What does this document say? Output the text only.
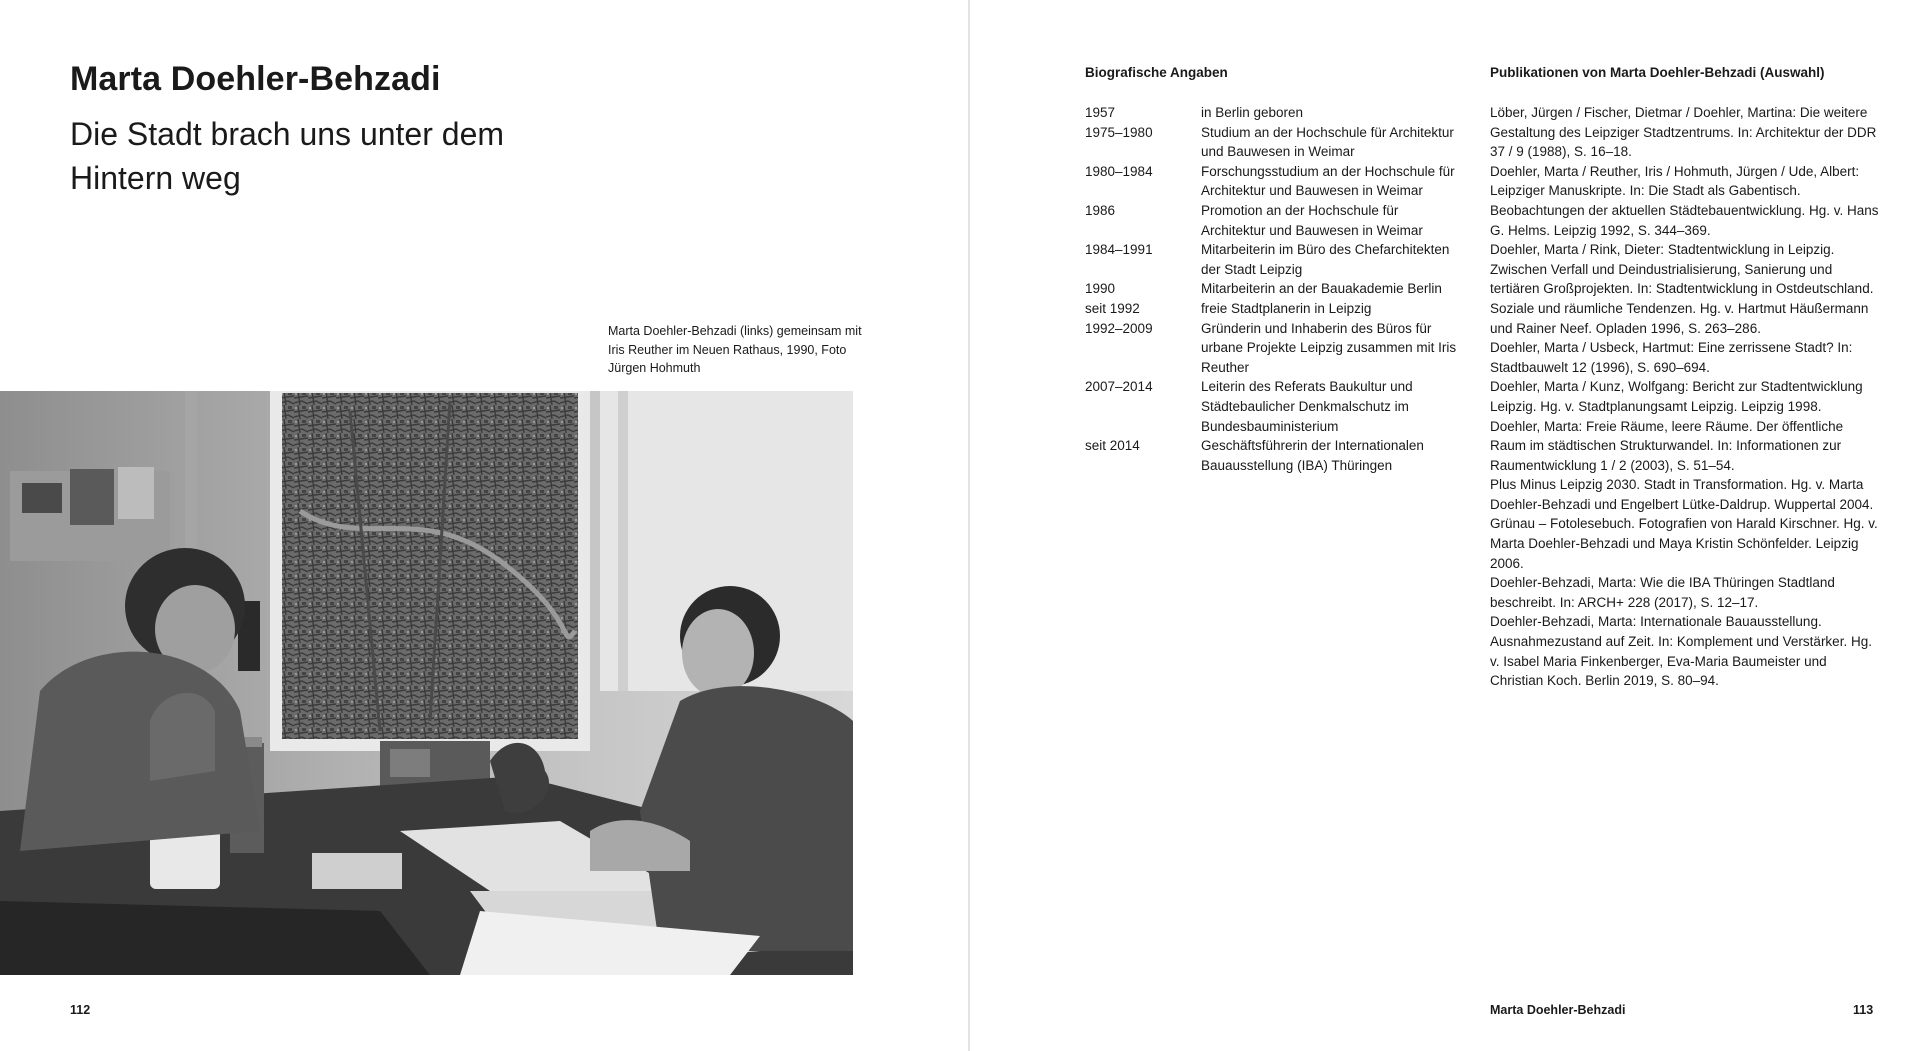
Marta Doehler-Behzadi
Die Stadt brach uns unter dem Hintern weg

Marta Doehler-Behzadi (links) gemeinsam mit Iris Reuther im Neuen Rathaus, 1990, Foto Jürgen Hohmuth

112
Biografische Angaben
1957	in Berlin geboren
1975–1980	Studium an der Hochschule für Architektur und Bauwesen in Weimar
1980–1984	Forschungsstudium an der Hochschule für Architektur und Bauwesen in Weimar
1986	Promotion an der Hochschule für Architektur und Bauwesen in Weimar
1984–1991	Mitarbeiterin im Büro des Chefarchitekten der Stadt Leipzig
1990	Mitarbeiterin an der Bauakademie Berlin
seit 1992	freie Stadtplanerin in Leipzig
1992–2009	Gründerin und Inhaberin des Büros für urbane Projekte Leipzig zusammen mit Iris Reuther
2007–2014	Leiterin des Referats Baukultur und Städtebaulicher Denkmalschutz im Bundesbauministerium
seit 2014	Geschäftsführerin der Internationalen Bauausstellung (IBA) Thüringen
Publikationen von Marta Doehler-Behzadi (Auswahl)
Löber, Jürgen / Fischer, Dietmar / Doehler, Martina: Die weitere Gestaltung des Leipziger Stadtzentrums. In: Architektur der DDR 37 / 9 (1988), S. 16–18.
Doehler, Marta / Reuther, Iris / Hohmuth, Jürgen / Ude, Albert: Leipziger Manuskripte. In: Die Stadt als Gabentisch. Beobachtungen der aktuellen Städtebauentwicklung. Hg. v. Hans G. Helms. Leipzig 1992, S. 344–369.
Doehler, Marta / Rink, Dieter: Stadtentwicklung in Leipzig. Zwischen Verfall und Deindustrialisierung, Sanierung und tertiären Großprojekten. In: Stadtentwicklung in Ostdeutschland. Soziale und räumliche Tendenzen. Hg. v. Hartmut Häußermann und Rainer Neef. Opladen 1996, S. 263–286.
Doehler, Marta / Usbeck, Hartmut: Eine zerrissene Stadt? In: Stadtbauwelt 12 (1996), S. 690–694.
Doehler, Marta / Kunz, Wolfgang: Bericht zur Stadtentwicklung Leipzig. Hg. v. Stadtplanungsamt Leipzig. Leipzig 1998.
Doehler, Marta: Freie Räume, leere Räume. Der öffentliche Raum im städtischen Strukturwandel. In: Informationen zur Raumentwicklung 1 / 2 (2003), S. 51–54.
Plus Minus Leipzig 2030. Stadt in Transformation. Hg. v. Marta Doehler-Behzadi und Engelbert Lütke-Daldrup. Wuppertal 2004.
Grünau – Fotolesebuch. Fotografien von Harald Kirschner. Hg. v. Marta Doehler-Behzadi und Maya Kristin Schönfelder. Leipzig 2006.
Doehler-Behzadi, Marta: Wie die IBA Thüringen Stadtland beschreibt. In: ARCH+ 228 (2017), S. 12–17.
Doehler-Behzadi, Marta: Internationale Bauausstellung. Ausnahmezustand auf Zeit. In: Komplement und Verstärker. Hg. v. Isabel Maria Finkenberger, Eva-Maria Baumeister und Christian Koch. Berlin 2019, S. 80–94.
Marta Doehler-Behzadi	113
